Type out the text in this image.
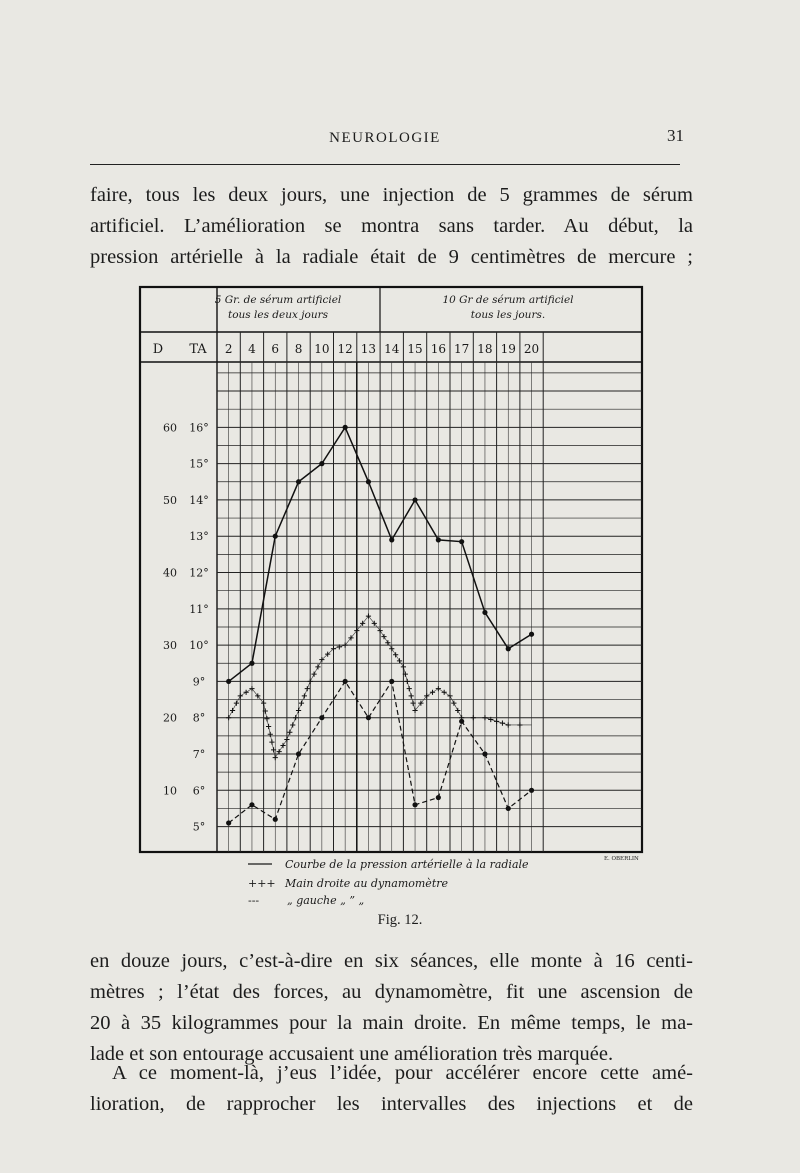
NEUROLOGIE	31

faire, tous les deux jours, une injection de 5 grammes de sérum
artificiel. L’amélioration se montra sans tarder. Au début, la
pression artérielle à la radiale était de 9 centimètres de mercure ;

5 Gr. de sérum artificiel
tous les deux jours
10 Gr de sérum artificiel
tous les jours.
D TA 2 4 6 8 10 12 13 14 15 16 17 18 19 20
60
50
40
30
20
10
16°
15°
14°
13°
12°
11°
10°
9°
8°
7°
6°
5°
Courbe de la pression artérielle à la radiale
+++ Main droite au dynamomètre
---	„ gauche „ ” „
E. OBERLIN
Fig. 12.

en douze jours, c’est-à-dire en six séances, elle monte à 16 centi-
mètres ; l’état des forces, au dynamomètre, fit une ascension de
20 à 35 kilogrammes pour la main droite. En même temps, le ma-
lade et son entourage accusaient une amélioration très marquée.

A ce moment-là, j’eus l’idée, pour accélérer encore cette amé-
lioration, de rapprocher les intervalles des injections et de
